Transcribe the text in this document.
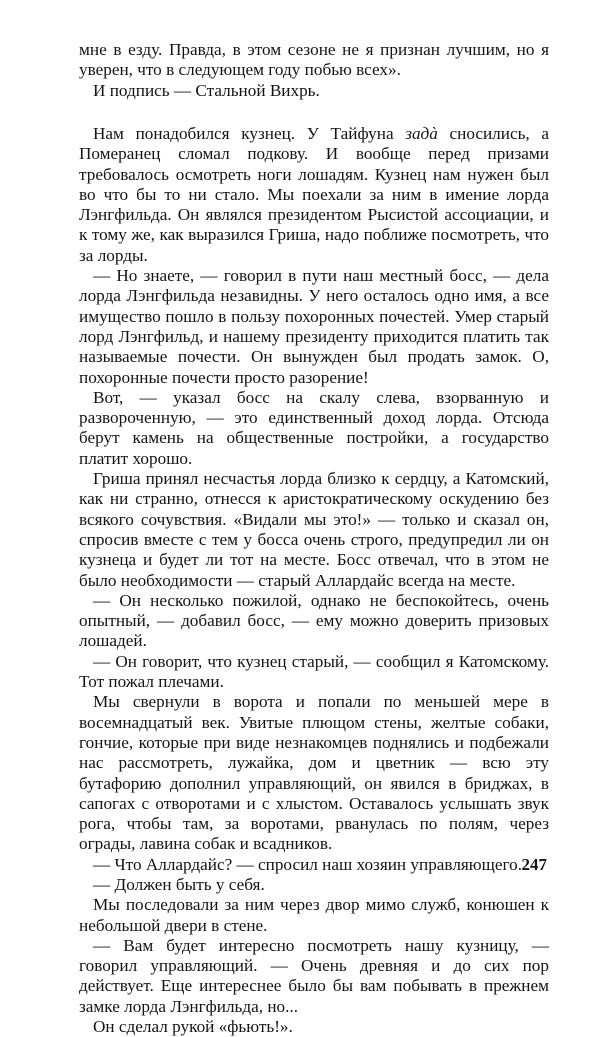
мне в езду. Правда, в этом сезоне не я признан лучшим, но я уверен, что в следующем году побью всех».

И подпись — Стальной Вихрь.

Нам понадобился кузнец. У Тайфуна задà сносились, а Померанец сломал подкову. И вообще перед призами требовалось осмотреть ноги лошадям. Кузнец нам нужен был во что бы то ни стало. Мы поехали за ним в имение лорда Лэнгфильда. Он являлся президентом Рысистой ассоциации, и к тому же, как выразился Гриша, надо поближе посмотреть, что за лорды.

— Но знаете, — говорил в пути наш местный босс, — дела лорда Лэнгфильда незавидны. У него осталось одно имя, а все имущество пошло в пользу похоронных почестей. Умер старый лорд Лэнгфильд, и нашему президенту приходится платить так называемые почести. Он вынужден был продать замок. О, похоронные почести просто разорение!

Вот, — указал босс на скалу слева, взорванную и развороченную, — это единственный доход лорда. Отсюда берут камень на общественные постройки, а государство платит хорошо.

Гриша принял несчастья лорда близко к сердцу, а Катомский, как ни странно, отнесся к аристократическому оскудению без всякого сочувствия. «Видали мы это!» — только и сказал он, спросив вместе с тем у босса очень строго, предупредил ли он кузнеца и будет ли тот на месте. Босс отвечал, что в этом не было необходимости — старый Аллардайс всегда на месте.

— Он несколько пожилой, однако не беспокойтесь, очень опытный, — добавил босс, — ему можно доверить призовых лошадей.

— Он говорит, что кузнец старый, — сообщил я Катомскому. Тот пожал плечами.

Мы свернули в ворота и попали по меньшей мере в восемнадцатый век. Увитые плющом стены, желтые собаки, гончие, которые при виде незнакомцев поднялись и подбежали нас рассмотреть, лужайка, дом и цветник — всю эту бутафорию дополнил управляющий, он явился в бриджах, в сапогах с отворотами и с хлыстом. Оставалось услышать звук рога, чтобы там, за воротами, рванулась по полям, через ограды, лавина собак и всадников.

— Что Аллардайс? — спросил наш хозяин управляющего.

— Должен быть у себя.

Мы последовали за ним через двор мимо служб, конюшен к небольшой двери в стене.

— Вам будет интересно посмотреть нашу кузницу, — говорил управляющий. — Очень древняя и до сих пор действует. Еще интереснее было бы вам побывать в прежнем замке лорда Лэнгфильда, но...

Он сделал рукой «фьють!».

247
